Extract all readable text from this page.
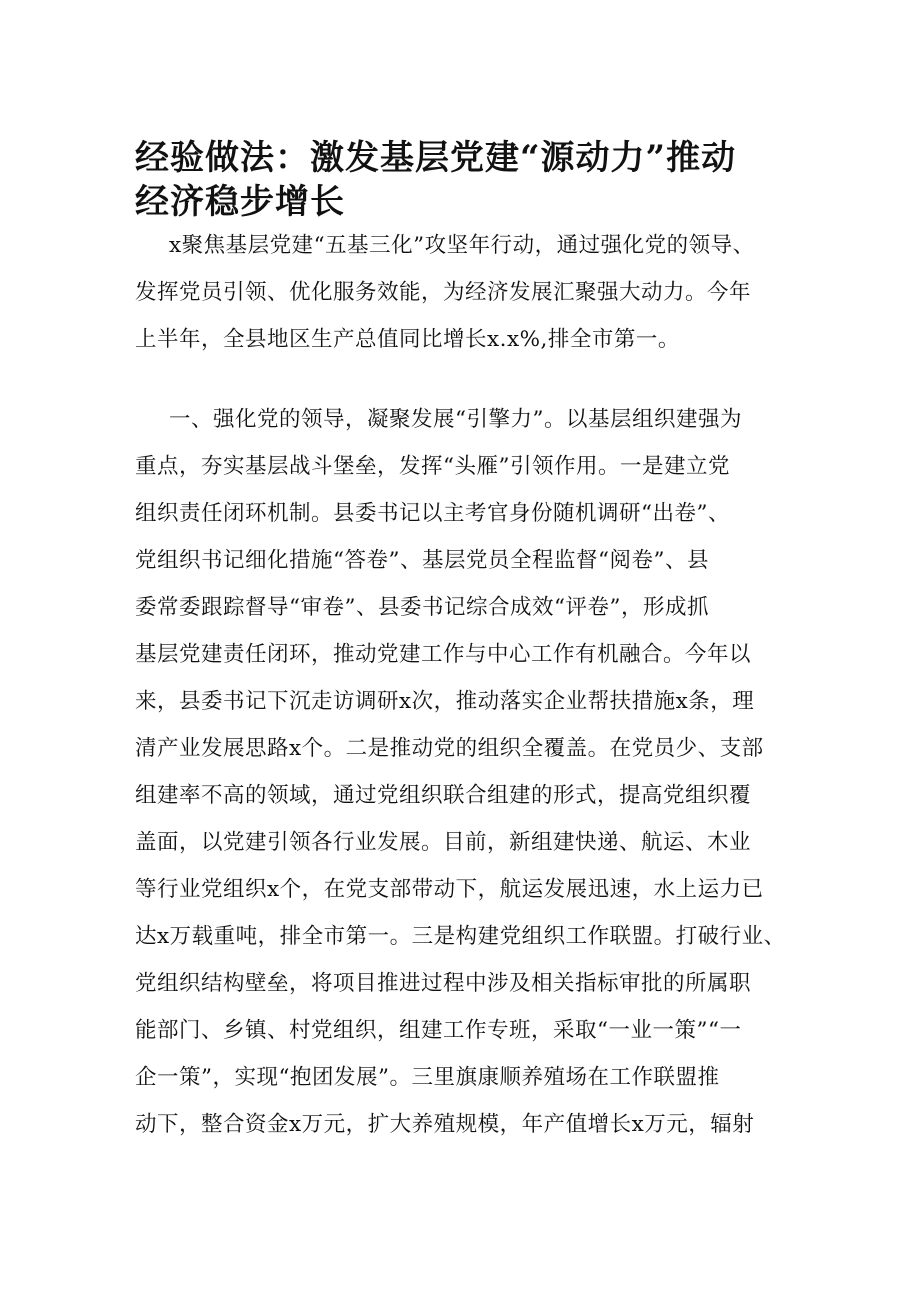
经验做法：激发基层党建“源动力”推动
经济稳步增长
x聚焦基层党建“五基三化”攻坚年行动，通过强化党的领导、
发挥党员引领、优化服务效能，为经济发展汇聚强大动力。今年
上半年，全县地区生产总值同比增长x.x%,排全市第一。
一、强化党的领导，凝聚发展“引擎力”。以基层组织建强为
重点，夯实基层战斗堡垒，发挥“头雁”引领作用。一是建立党
组织责任闭环机制。县委书记以主考官身份随机调研“出卷”、
党组织书记细化措施“答卷”、基层党员全程监督“阅卷”、县
委常委跟踪督导“审卷”、县委书记综合成效“评卷”，形成抓
基层党建责任闭环，推动党建工作与中心工作有机融合。今年以
来，县委书记下沉走访调研x次，推动落实企业帮扶措施x条，理
清产业发展思路x个。二是推动党的组织全覆盖。在党员少、支部
组建率不高的领域，通过党组织联合组建的形式，提高党组织覆
盖面，以党建引领各行业发展。目前，新组建快递、航运、木业
等行业党组织x个，在党支部带动下，航运发展迅速，水上运力已
达x万载重吨，排全市第一。三是构建党组织工作联盟。打破行业、
党组织结构壁垒，将项目推进过程中涉及相关指标审批的所属职
能部门、乡镇、村党组织，组建工作专班，采取“一业一策”“一
企一策”，实现“抱团发展”。三里旗康顺养殖场在工作联盟推
动下，整合资金x万元，扩大养殖规模，年产值增长x万元，辐射
